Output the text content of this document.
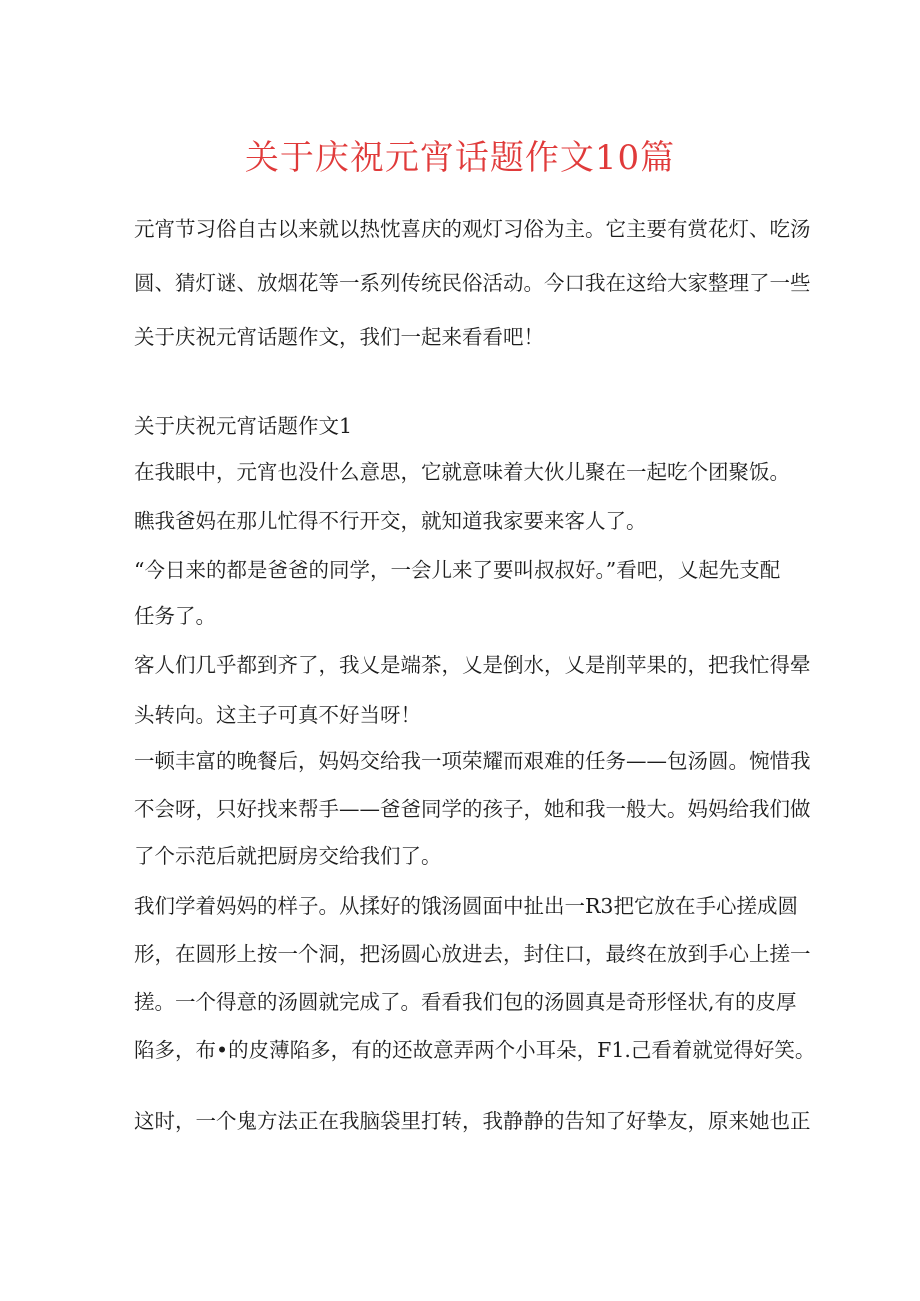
关于庆祝元宵话题作文10篇
元宵节习俗自古以来就以热忱喜庆的观灯习俗为主。它主要有赏花灯、吃汤
圆、猜灯谜、放烟花等一系列传统民俗活动。今口我在这给大家整理了一些
关于庆祝元宵话题作文，我们一起来看看吧！
关于庆祝元宵话题作文1
在我眼中，元宵也没什么意思，它就意味着大伙儿聚在一起吃个团聚饭。
瞧我爸妈在那儿忙得不行开交，就知道我家要来客人了。
“今日来的都是爸爸的同学，一会儿来了要叫叔叔好。”看吧，乂起先支配
任务了。
客人们几乎都到齐了，我乂是端茶，乂是倒水，乂是削苹果的，把我忙得晕
头转向。这主子可真不好当呀！
一顿丰富的晚餐后，妈妈交给我一项荣耀而艰难的任务——包汤圆。惋惜我
不会呀，只好找来帮手——爸爸同学的孩子，她和我一般大。妈妈给我们做
了个示范后就把厨房交给我们了。
我们学着妈妈的样子。从揉好的饿汤圆面中扯出一R3把它放在手心搓成圆
形，在圆形上按一个洞，把汤圆心放进去，封住口，最终在放到手心上搓一
搓。一个得意的汤圆就完成了。看看我们包的汤圆真是奇形怪状,有的皮厚
陷多，布•的皮薄陷多，有的还故意弄两个小耳朵，F1.己看着就觉得好笑。
这时，一个鬼方法正在我脑袋里打转，我静静的告知了好挚友，原来她也正
